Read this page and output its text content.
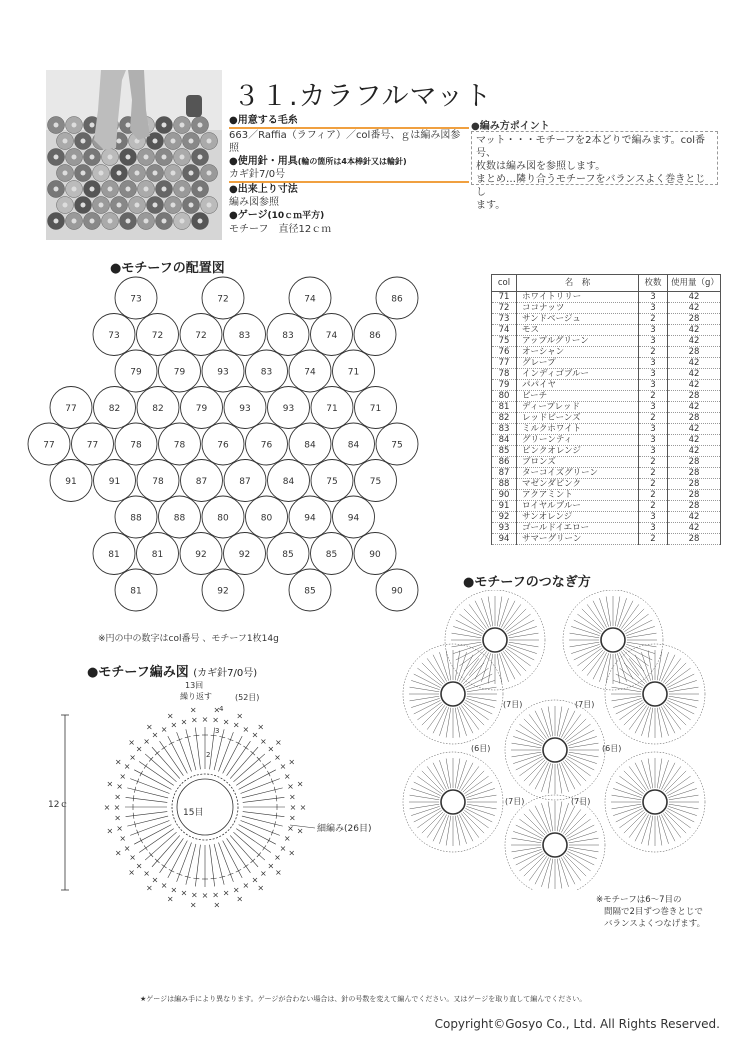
３１.カラフルマット
●用意する毛糸
663／Raffia（ラフィア）／col番号、ｇは編み図参照
●使用針・用具(輪の箇所は4本棒針又は輪針)
カギ針7/0号
●出来上り寸法
編み図参照
●ゲージ(10ｃｍ平方)
モチーフ　直径12ｃｍ
●編み方ポイント
マット・・・モチーフを2本どりで編みます。col番号、
枚数は編み図を参照します。
まとめ…隣り合うモチーフをバランスよく巻きとじし
ます。
●モチーフの配置図
73	72	74	86
73	72	72	83	83	74	86
79	79	93	83	74	71
77	82	82	79	93	93	71	71
77	77	78	78	76	76	84	84	75
91	91	78	87	87	84	75	75
88	88	80	80	94	94
81	81	92	92	85	85	90
81	92	85	90
※円の中の数字はcol番号 、モチーフ1枚14g
col	名　称	枚数	使用量（g）
71	ホワイトリリー	3	42
72	ココナッツ	3	42
73	サンドベージュ	2	28
74	モス	3	42
75	アップルグリーン	3	42
76	オーシャン	2	28
77	グレープ	3	42
78	インディゴブルー	3	42
79	パパイヤ	3	42
80	ピーチ	2	28
81	ディープレッド	3	42
82	レッドビーンズ	2	28
83	ミルクホワイト	3	42
84	グリーンティ	3	42
85	ピンクオレンジ	3	42
86	ブロンズ	2	28
87	ターコイズグリーン	2	28
88	マゼンダピンク	2	28
90	アクアミント	2	28
91	ロイヤルブルー	2	28
92	サンオレンジ	3	42
93	ゴールドイエロー	3	42
94	サマーグリーン	2	28
●モチーフ編み図 (カギ針7/0号)
12ｃ	×
×
×
×
×
×
×
×
×
×
×
×
×
×
×
×
×
×
×
×
×
×
×
×
×
×
×
×
×
×
×
×
×
×
×
× × × × × × × × ×
×
×
×
×
×
×
×
×
×
×
×
×
×
×
×
×
×
×
×
×
×
×
×
×
×
×
×
× ×
×
×
×
×
×
13回
繰り返す	(52目)
4
3
2
15目
細編み(26目)
●モチーフのつなぎ方
(7目)	(7目)
(6目)	(6目)
(7目)	(7目)
※モチーフは6〜7目の
間隔で2目ずつ巻きとじで
バランスよくつなげます。
★ゲージは編み手により異なります。ゲージが合わない場合は、針の号数を変えて編んでください。又はゲージを取り直して編んでください。
Copyright©Gosyo Co., Ltd. All Rights Reserved.
